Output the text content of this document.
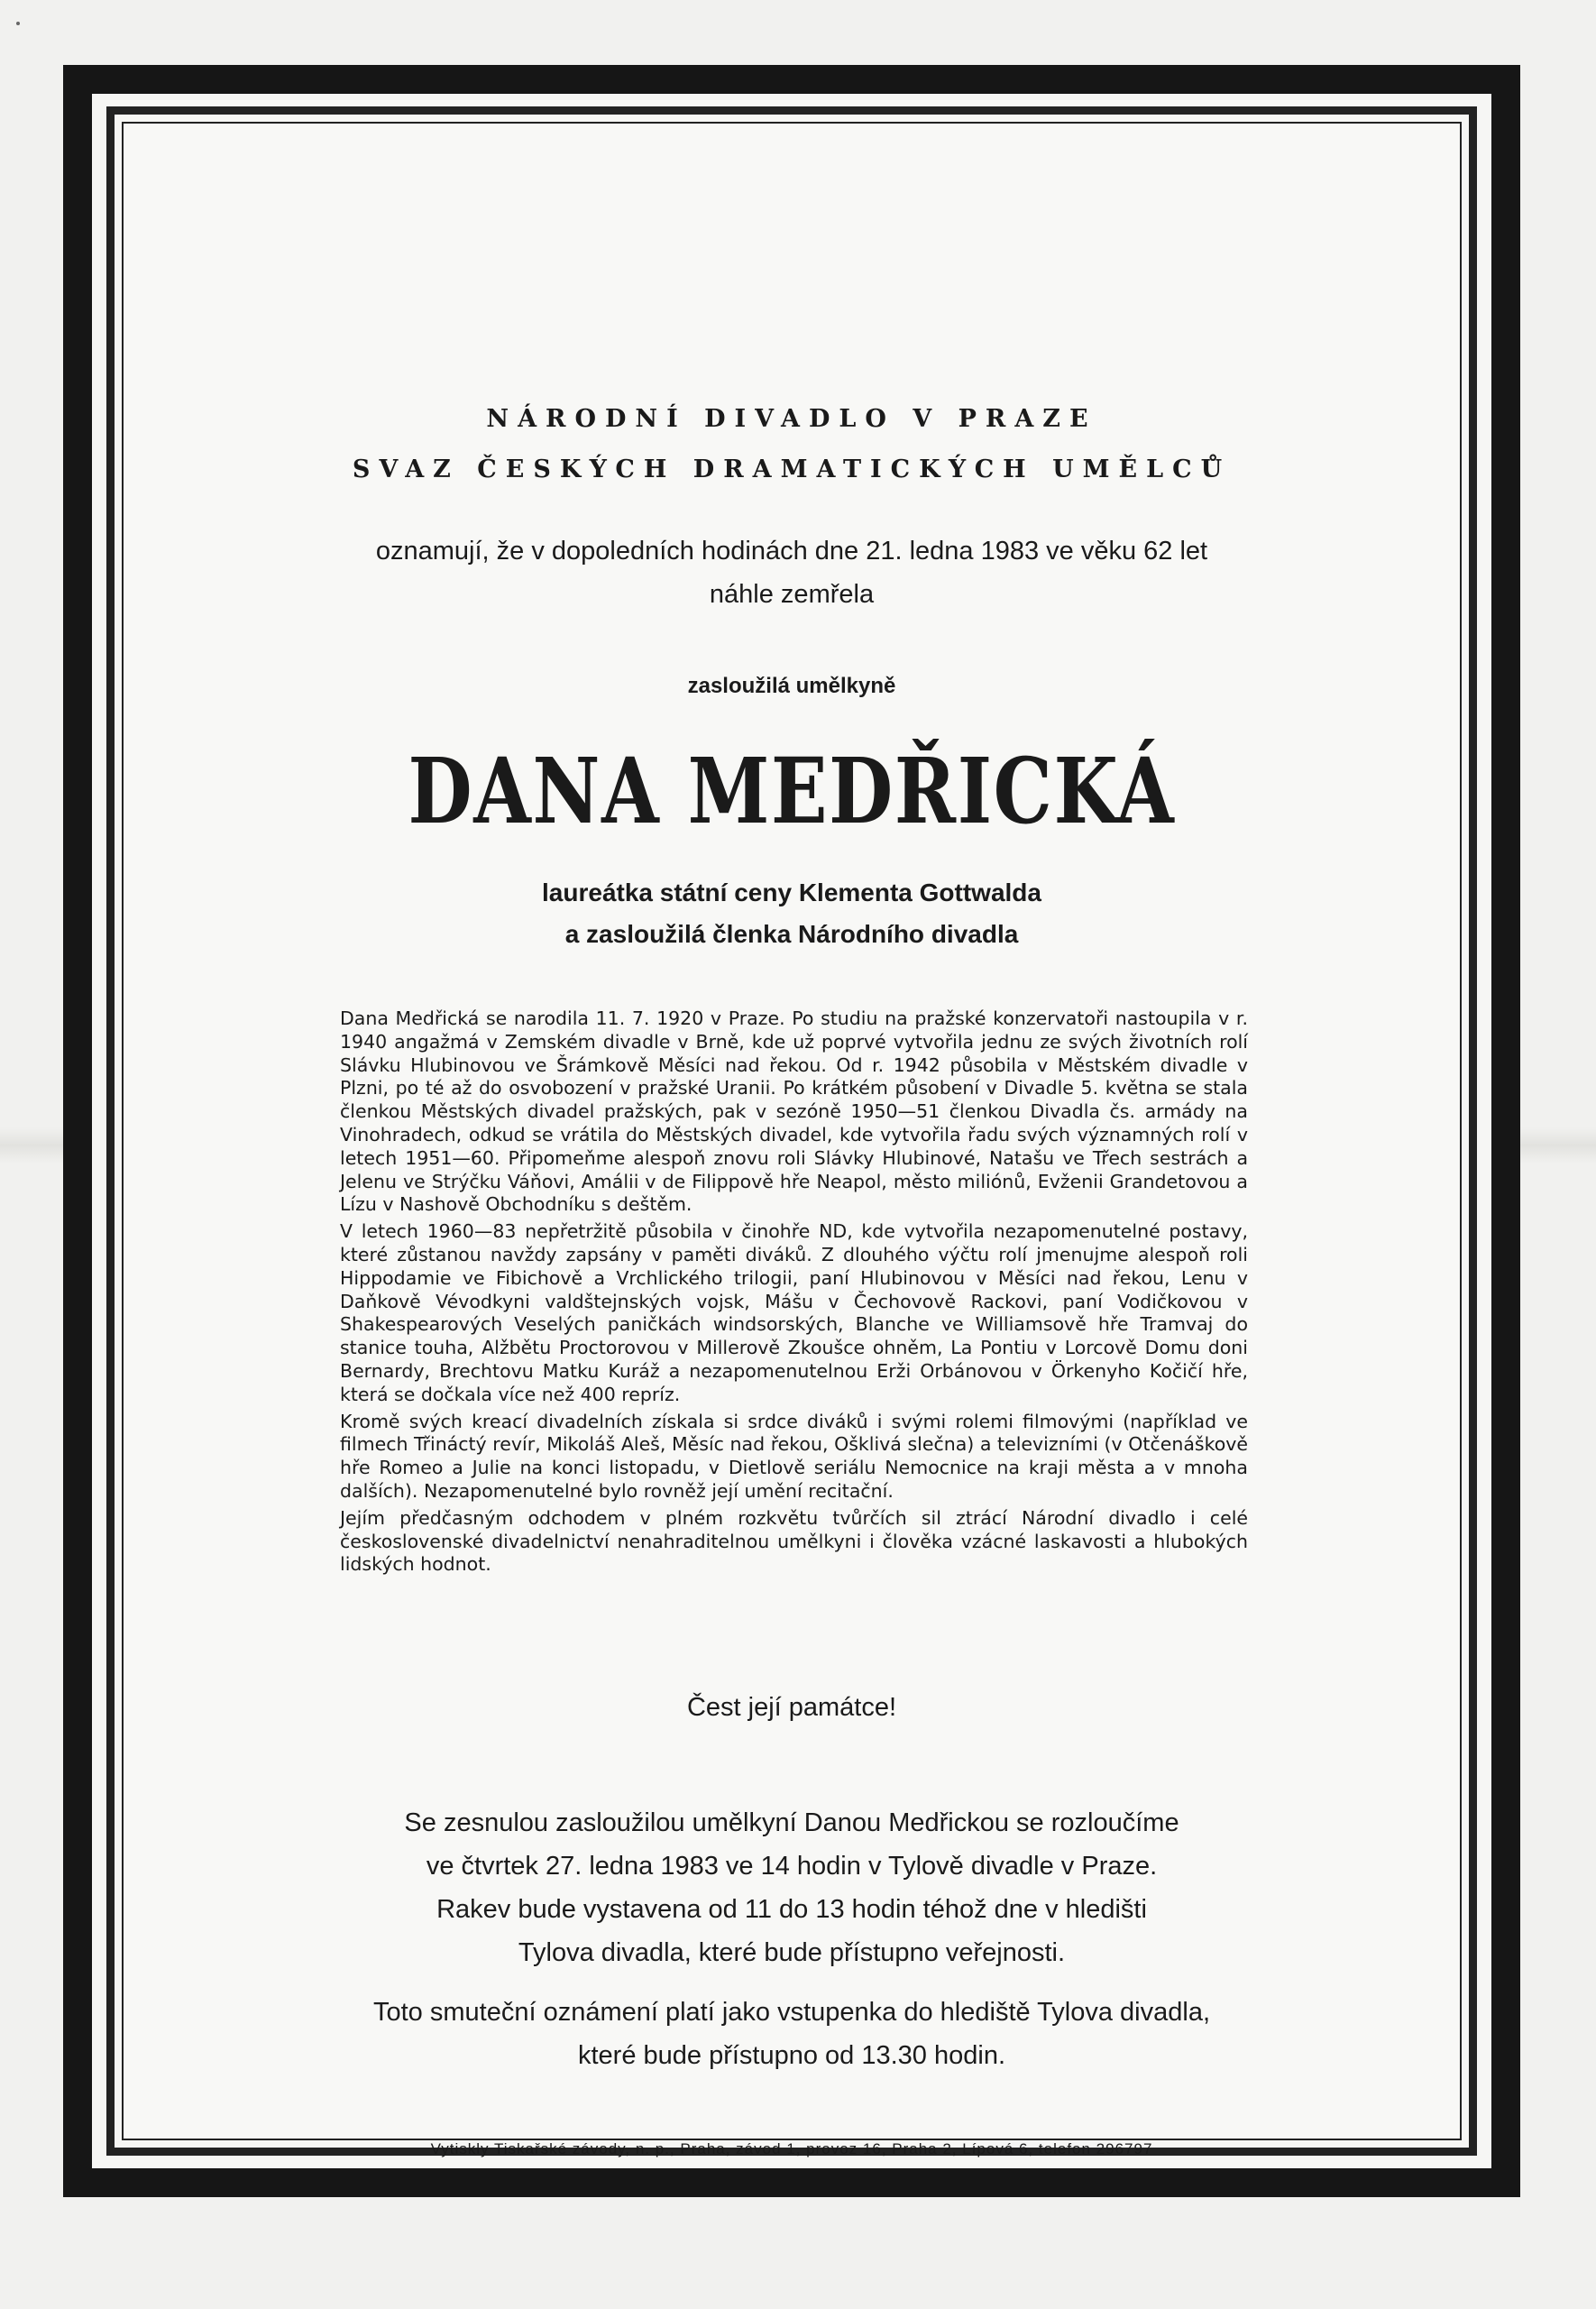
NÁRODNÍ DIVADLO V PRAZE
SVAZ ČESKÝCH DRAMATICKÝCH UMĚLCŮ
oznamují, že v dopoledních hodinách dne 21. ledna 1983 ve věku 62 let
náhle zemřela
zasloužilá umělkyně
DANA MEDŘICKÁ
laureátka státní ceny Klementa Gottwalda
a zasloužilá členka Národního divadla

Dana Medřická se narodila 11. 7. 1920 v Praze. Po studiu na pražské konzervatoři nastoupila v r. 1940 angažmá v Zemském divadle v Brně, kde už poprvé vytvořila jednu ze svých životních rolí Slávku Hlubinovou ve Šrámkově Měsíci nad řekou. Od r. 1942 působila v Městském divadle v Plzni, po té až do osvobození v pražské Uranii. Po krátkém působení v Divadle 5. května se stala členkou Městských divadel pražských, pak v sezóně 1950—51 členkou Divadla čs. armády na Vinohradech, odkud se vrátila do Městských divadel, kde vytvořila řadu svých významných rolí v letech 1951—60. Připomeňme alespoň znovu roli Slávky Hlubinové, Natašu ve Třech sestrách a Jelenu ve Strýčku Váňovi, Amálii v de Filippově hře Neapol, město miliónů, Evženii Grandetovou a Lízu v Nashově Obchodníku s deštěm.

V letech 1960—83 nepřetržitě působila v činohře ND, kde vytvořila nezapomenutelné postavy, které zůstanou navždy zapsány v paměti diváků. Z dlouhého výčtu rolí jmenujme alespoň roli Hippodamie ve Fibichově a Vrchlického trilogii, paní Hlubinovou v Měsíci nad řekou, Lenu v Daňkově Vévodkyni valdštejnských vojsk, Mášu v Čechovově Rackovi, paní Vodičkovou v Shakespearových Veselých paničkách windsorských, Blanche ve Williamsově hře Tramvaj do stanice touha, Alžbětu Proctorovou v Millerově Zkoušce ohněm, La Pontiu v Lorcově Domu doni Bernardy, Brechtovu Matku Kuráž a nezapomenutelnou Erži Orbánovou v Örkenyho Kočičí hře, která se dočkala více než 400 repríz.

Kromě svých kreací divadelních získala si srdce diváků i svými rolemi filmovými (například ve filmech Třináctý revír, Mikoláš Aleš, Měsíc nad řekou, Ošklivá slečna) a televizními (v Otčenáškově hře Romeo a Julie na konci listopadu, v Dietlově seriálu Nemocnice na kraji města a v mnoha dalších). Nezapomenutelné bylo rovněž její umění recitační.

Jejím předčasným odchodem v plném rozkvětu tvůrčích sil ztrácí Národní divadlo i celé československé divadelnictví nenahraditelnou umělkyni i člověka vzácné laskavosti a hlubokých lidských hodnot.

Čest její památce!
Se zesnulou zasloužilou umělkyní Danou Medřickou se rozloučíme
ve čtvrtek 27. ledna 1983 ve 14 hodin v Tylově divadle v Praze.
Rakev bude vystavena od 11 do 13 hodin téhož dne v hledišti
Tylova divadla, které bude přístupno veřejnosti.
Toto smuteční oznámení platí jako vstupenka do hlediště Tylova divadla,
které bude přístupno od 13.30 hodin.
Vytiskly Tiskařské závody, n. p., Praha, závod 1, provoz 16, Praha 2, Lípová 6, telefon 296797
